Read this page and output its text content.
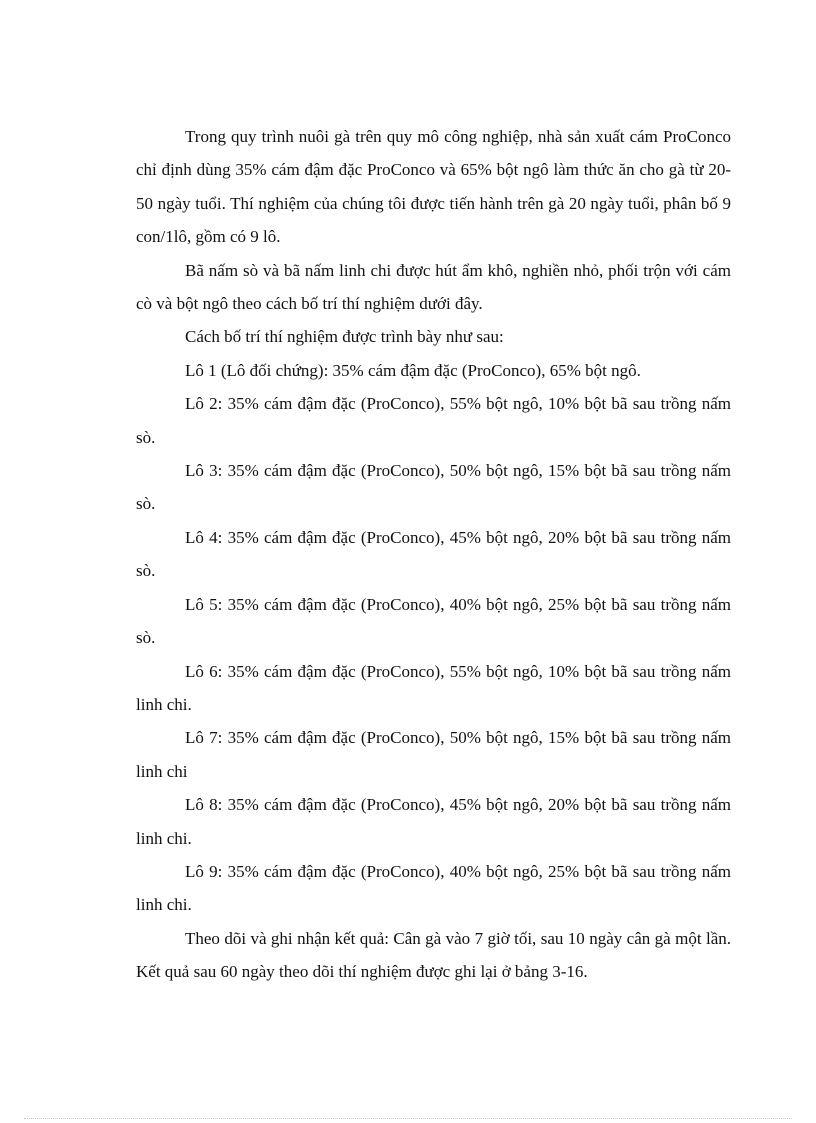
Trong quy trình nuôi gà trên quy mô công nghiệp, nhà sản xuất cám ProConco chỉ định dùng 35% cám đậm đặc ProConco và 65% bột ngô làm thức ăn cho gà từ 20- 50 ngày tuổi. Thí nghiệm của chúng tôi được tiến hành trên gà 20 ngày tuổi, phân bố 9 con/1lô, gồm có 9 lô.

Bã nấm sò và bã nấm linh chi được hút ẩm khô, nghiền nhỏ, phối trộn với cám cò và bột ngô theo cách bố trí thí nghiệm dưới đây.

Cách bố trí thí nghiệm được trình bày như sau:

Lô 1 (Lô đối chứng): 35% cám đậm đặc (ProConco), 65% bột ngô.

Lô 2: 35% cám đậm đặc (ProConco), 55% bột ngô, 10% bột bã sau trồng nấm sò.

Lô 3: 35% cám đậm đặc (ProConco), 50% bột ngô, 15% bột bã sau trồng nấm sò.

Lô 4: 35% cám đậm đặc (ProConco), 45% bột ngô, 20% bột bã sau trồng nấm sò.

Lô 5: 35% cám đậm đặc (ProConco), 40% bột ngô, 25% bột bã sau trồng nấm sò.

Lô 6: 35% cám đậm đặc (ProConco), 55% bột ngô, 10% bột bã sau trồng nấm linh chi.

Lô 7: 35% cám đậm đặc (ProConco), 50% bột ngô, 15% bột bã sau trồng nấm linh chi

Lô 8: 35% cám đậm đặc (ProConco), 45% bột ngô, 20% bột bã sau trồng nấm linh chi.

Lô 9: 35% cám đậm đặc (ProConco), 40% bột ngô, 25% bột bã sau trồng nấm linh chi.

Theo dõi và ghi nhận kết quả: Cân gà vào 7 giờ tối, sau 10 ngày cân gà một lần. Kết quả sau 60 ngày theo dõi thí nghiệm được ghi lại ở bảng 3-16.
